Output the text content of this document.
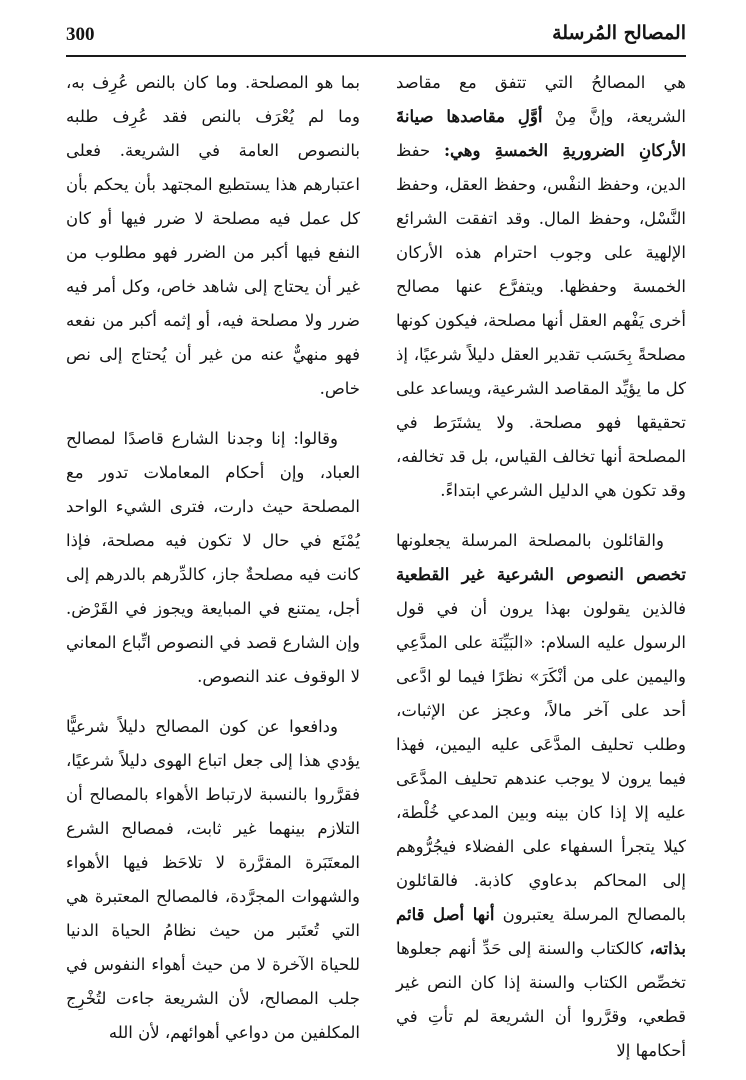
300	المصالح المُرسلة

هي المصالحُ التي تتفق مع مقاصد الشريعة، وإنَّ مِنْ أوَّلِ مقاصدها صيانةَ الأركانِ الضروريةِ الخمسةِ وهي: حفظ الدين، وحفظ النفْس، وحفظ العقل، وحفظ النَّسْل، وحفظ المال. وقد اتفقت الشرائع الإلهية على وجوب احترام هذه الأركان الخمسة وحفظها. ويتفرَّع عنها مصالح أخرى يَفْهم العقل أنها مصلحة، فيكون كونها مصلحةً بِحَسَب تقدير العقل دليلاً شرعيًا، إذ كل ما يؤيِّد المقاصد الشرعية، ويساعد على تحقيقها فهو مصلحة. ولا يشتَرَط في المصلحة أنها تخالف القياس، بل قد تخالفه، وقد تكون هي الدليل الشرعي ابتداءً.

والقائلون بالمصلحة المرسلة يجعلونها تخصص النصوص الشرعية غير القطعية فالذين يقولون بهذا يرون أن في قول الرسول عليه السلام: «البَيِّنَة على المدَّعِي واليمين على من أنْكَرَ» نظرًا فيما لو ادَّعى أحد على آخر مالاً، وعجز عن الإثبات، وطلب تحليف المدَّعَى عليه اليمين، فهذا فيما يرون لا يوجب عندهم تحليف المدَّعَى عليه إلا إذا كان بينه وبين المدعي خُلْطة، كيلا يتجرأ السفهاء على الفضلاء فيجُرُّوهم إلى المحاكم بدعاوي كاذبة. فالقائلون بالمصالح المرسلة يعتبرون أنها أصل قائم بذاته، كالكتاب والسنة إلى حَدِّ أنهم جعلوها تخصِّص الكتاب والسنة إذا كان النص غير قطعي، وقرَّروا أن الشريعة لم تأتِ في أحكامها إلا

بما هو المصلحة. وما كان بالنص عُرِف به، وما لم يُعْرَف بالنص فقد عُرِف طلبه بالنصوص العامة في الشريعة. فعلى اعتبارهم هذا يستطيع المجتهد بأن يحكم بأن كل عمل فيه مصلحة لا ضرر فيها أو كان النفع فيها أكبر من الضرر فهو مطلوب من غير أن يحتاج إلى شاهد خاص، وكل أمر فيه ضرر ولا مصلحة فيه، أو إثمه أكبر من نفعه فهو منهيٌّ عنه من غير أن يُحتاج إلى نص خاص.

وقالوا: إنا وجدنا الشارع قاصدًا لمصالح العباد، وإن أحكام المعاملات تدور مع المصلحة حيث دارت، فترى الشيء الواحد يُمْنَع في حال لا تكون فيه مصلحة، فإذا كانت فيه مصلحةٌ جاز، كالدِّرهم بالدرهم إلى أجل، يمتنع في المبايعة ويجوز في القَرْض. وإن الشارع قصد في النصوص اتِّباع المعاني لا الوقوف عند النصوص.

ودافعوا عن كون المصالح دليلاً شرعيًّا يؤدي هذا إلى جعل اتباع الهوى دليلاً شرعيًا، فقرَّروا بالنسبة لارتباط الأهواء بالمصالح أن التلازم بينهما غير ثابت، فمصالح الشرع المعتَبَرة المقرَّرة لا تلاحَظ فيها الأهواء والشهوات المجرَّدة، فالمصالح المعتبرة هي التي تُعتَبر من حيث نظامُ الحياة الدنيا للحياة الآخرة لا من حيث أهواء النفوس في جلب المصالح، لأن الشريعة جاءت لتُخْرِج المكلفين من دواعي أهوائهم، لأن الله
